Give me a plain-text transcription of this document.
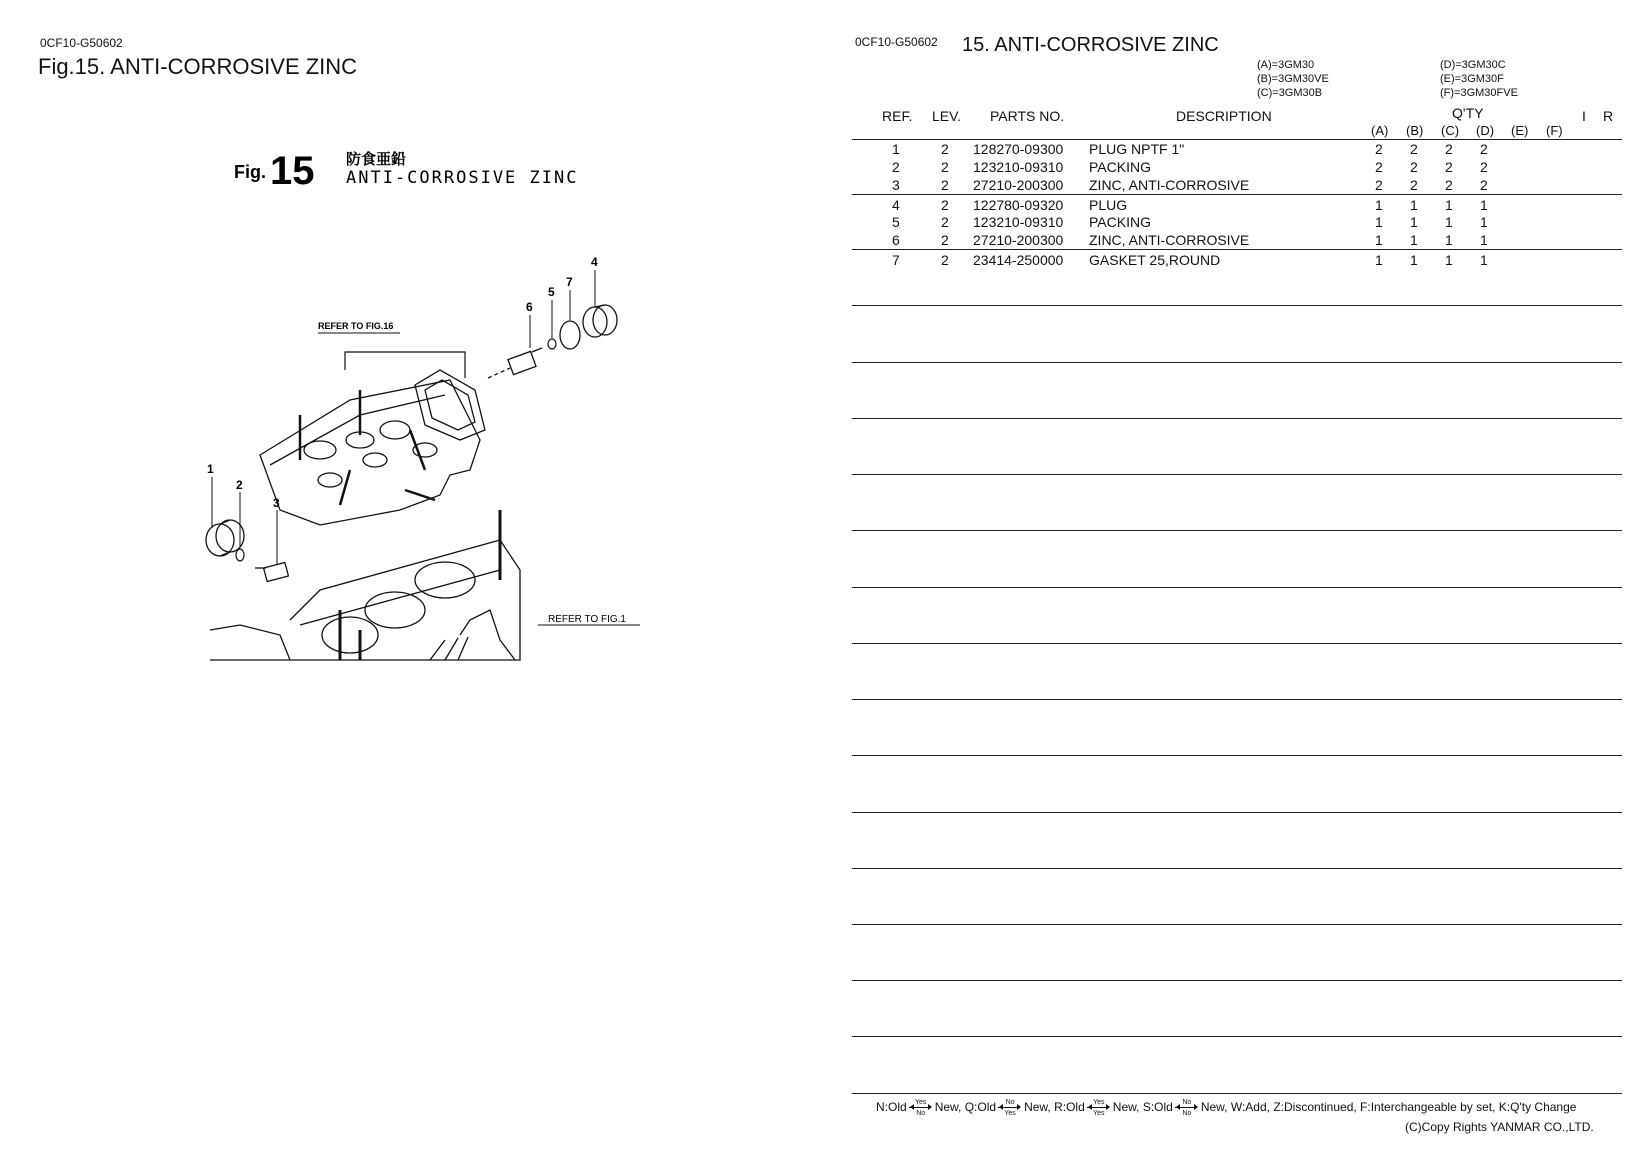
0CF10-G50602
Fig.15. ANTI-CORROSIVE ZINC
Fig. 15 防食亜鉛
ANTI-CORROSIVE ZINC
REFER TO FIG.16
REFER TO FIG.1
1
2
3
4
5
6
7
0CF10-G50602 15. ANTI-CORROSIVE ZINC
(A)=3GM30
(B)=3GM30VE
(C)=3GM30B
(D)=3GM30C
(E)=3GM30F
(F)=3GM30FVE
REF. LEV. PARTS NO.	DESCRIPTION	Q'TY	I R
(A) (B) (C) (D) (E) (F)
1	2 128270-09300 PLUG NPTF 1"	2 2 2 2
2	2 123210-09310 PACKING	2 2 2 2
3	2 27210-200300 ZINC, ANTI-CORROSIVE	2 2 2 2
4	2 122780-09320 PLUG	1 1 1 1
5	2 123210-09310 PACKING	1 1 1 1
6	2 27210-200300 ZINC, ANTI-CORROSIVE	1 1 1 1
7	2 23414-250000 GASKET 25,ROUND	1 1 1 1
N:Old	Yes
No New, Q:Old	No
Yes New, R:Old	Yes
Yes New, S:Old $\frac{No}{No}$ New, W:Add, Z:Discontinued, F:Interchangeable by set, K:Q'ty Change
(C)Copy Rights YANMAR CO.,LTD.
